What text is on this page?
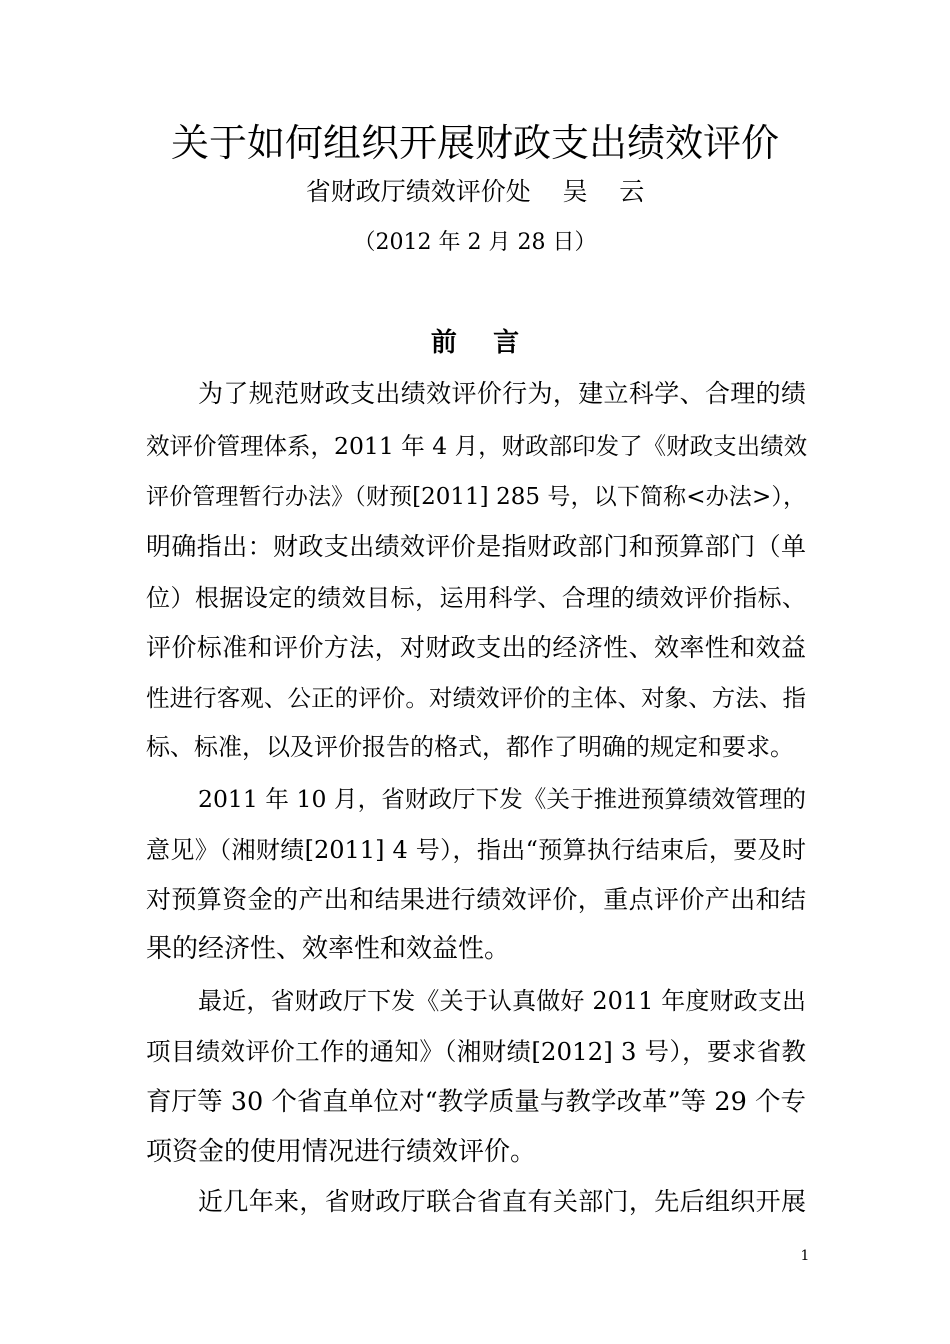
关于如何组织开展财政支出绩效评价
省财政厅绩效评价处    吴    云
（2012 年 2 月 28 日）
前    言
为了规范财政支出绩效评价行为，建立科学、合理的绩
效评价管理体系，2011 年 4 月，财政部印发了《财政支出绩效
评价管理暂行办法》（财预[2011] 285 号，以下简称<办法>），
明确指出：财政支出绩效评价是指财政部门和预算部门（单
位）根据设定的绩效目标，运用科学、合理的绩效评价指标、
评价标准和评价方法，对财政支出的经济性、效率性和效益
性进行客观、公正的评价。对绩效评价的主体、对象、方法、指
标、标准，以及评价报告的格式，都作了明确的规定和要求。
2011 年 10 月，省财政厅下发《关于推进预算绩效管理的
意见》（湘财绩[2011] 4 号），指出“预算执行结束后，要及时
对预算资金的产出和结果进行绩效评价，重点评价产出和结
果的经济性、效率性和效益性。
最近，省财政厅下发《关于认真做好 2011 年度财政支出
项目绩效评价工作的通知》（湘财绩[2012] 3 号），要求省教
育厅等 30 个省直单位对“教学质量与教学改革”等 29 个专
项资金的使用情况进行绩效评价。
近几年来，省财政厅联合省直有关部门，先后组织开展
1
